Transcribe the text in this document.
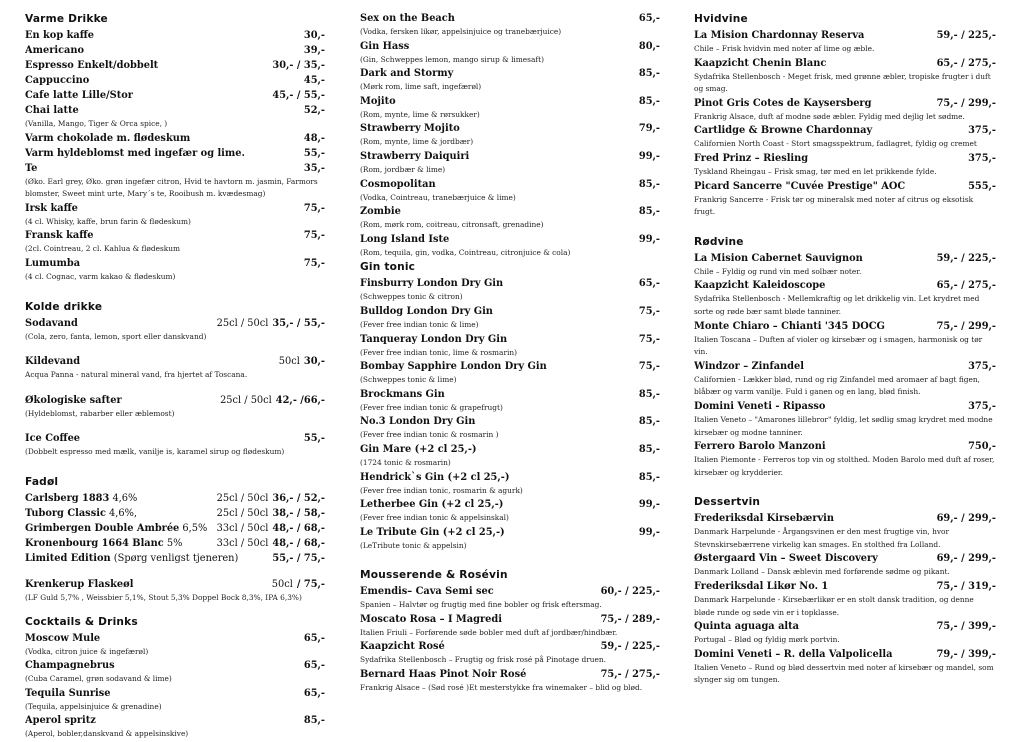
Varme Drikke
En kop kaffe	30,-
Americano	39,-
Espresso Enkelt/dobbelt	30,- / 35,-
Cappuccino	45,-
Cafe latte Lille/Stor	45,- / 55,-
Chai latte	52,-
(Vanilla, Mango, Tiger & Orca spice, )
Varm chokolade m. flødeskum	48,-
Varm hyldeblomst med ingefær og lime.	55,-
Te	35,-
(Øko. Earl grey, Øko. grøn ingefær citron, Hvid te havtorn m. jasmin, Farmors blomster, Sweet mint urte, Mary´s te, Rooibush m. kvædesmag)
Irsk kaffe	75,-
(4 cl. Whisky, kaffe, brun farin & flødeskum)
Fransk kaffe	75,-
(2cl. Cointreau, 2 cl. Kahlua & flødeskum
Lumumba	75,-
(4 cl. Cognac, varm kakao & flødeskum)
Kolde drikke
Sodavand	25cl / 50cl 35,- / 55,-
(Cola, zero, fanta, lemon, sport eller danskvand)
Kildevand	50cl 30,-
Acqua Panna - natural mineral vand, fra hjertet af Toscana.
Økologiske safter	25cl / 50cl 42,- /66,-
(Hyldeblomst, rabarber eller æblemost)
Ice Coffee	55,-
(Dobbelt espresso med mælk, vanilje is, karamel sirup og flødeskum)
Fadøl
Carlsberg 1883 4,6%	25cl / 50cl 36,- / 52,-
Tuborg Classic 4,6%,	25cl / 50cl 38,- / 58,-
Grimbergen Double Ambrée 6,5% 33cl / 50cl 48,- / 68,-
Kronenbourg 1664 Blanc 5%	33cl / 50cl 48,- / 68,-
Limited Edition (Spørg venligst tjeneren)	55,- / 75,-
Krenkerup Flaskeøl	50cl / 75,-
(LF Guld 5,7% , Weissbier 5,1%, Stout 5,3% Doppel Bock 8,3%, IPA 6,3%)
Cocktails & Drinks
Moscow Mule	65,-
(Vodka, citron juice & ingefærøl)
Champagnebrus	65,-
(Cuba Caramel, grøn sodavand & lime)
Tequila Sunrise	65,-
(Tequila, appelsinjuice & grenadine)
Aperol spritz	85,-
(Aperol, bobler,danskvand & appelsinskive)
Sex on the Beach	65,-
(Vodka, fersken likør, appelsinjuice og tranebærjuice)
Gin Hass	80,-
(Gin, Schweppes lemon, mango sirup & limesaft)
Dark and Stormy	85,-
(Mørk rom, lime saft, ingefærøl)
Mojito	85,-
(Rom, mynte, lime & rørsukker)
Strawberry Mojito	79,-
(Rom, mynte, lime & jordbær)
Strawberry Daiquiri	99,-
(Rom, jordbær & lime)
Cosmopolitan	85,-
(Vodka, Cointreau, tranebærjuice & lime)
Zombie	85,-
(Rom, mørk rom, coitreau, citronsaft, grenadine)
Long Island Iste	99,-
(Rom, tequila, gin, vodka, Cointreau, citronjuice & cola)
Gin tonic
Finsburry London Dry Gin	65,-
(Schweppes tonic & citron)
Bulldog London Dry Gin	75,-
(Fever free indian tonic & lime)
Tanqueray London Dry Gin	75,-
(Fever free indian tonic, lime & rosmarin)
Bombay Sapphire London Dry Gin	75,-
(Schweppes tonic & lime)
Brockmans Gin	85,-
(Fever free indian tonic & grapefrugt)
No.3 London Dry Gin	85,-
(Fever free indian tonic & rosmarin )
Gin Mare (+2 cl 25,-)	85,-
(1724 tonic & rosmarin)
Hendrick`s Gin (+2 cl 25,-)	85,-
(Fever free indian tonic, rosmarin & agurk)
Letherbee Gin (+2 cl 25,-)	99,-
(Fever free indian tonic & appelsinskal)
Le Tribute Gin (+2 cl 25,-)	99,-
(LeTribute tonic & appelsin)
Mousserende & Rosévin
Emendis– Cava Semi sec	60,- / 225,-
Spanien – Halvtør og frugtig med fine bobler og frisk eftersmag.
Moscato Rosa – I Magredi	75,- / 289,-
Italien Friuli – Forførende søde bobler med duft af jordbær/hindbær.
Kaapzicht Rosé	59,- / 225,-
Sydafrika Stellenbosch – Frugtig og frisk rosé på Pinotage druen.
Bernard Haas Pinot Noir Rosé	75,- / 275,-
Frankrig Alsace – (Sød rosé )Et mesterstykke fra winemaker – blid og blød.
Hvidvine
La Mision Chardonnay Reserva	59,- / 225,-
Chile – Frisk hvidvin med noter af lime og æble.
Kaapzicht Chenin Blanc	65,- / 275,-
Sydafrika Stellenbosch - Meget frisk, med grønne æbler, tropiske frugter i duft og smag.
Pinot Gris Cotes de Kaysersberg	75,- / 299,-
Frankrig Alsace, duft af modne søde æbler. Fyldig med dejlig let sødme.
Cartlidge & Browne Chardonnay	375,-
Californien North Coast - Stort smagsspektrum, fadlagret, fyldig og cremet
Fred Prinz – Riesling	375,-
Tyskland Rheingau – Frisk smag, tør med en let prikkende fylde.
Picard Sancerre "Cuvée Prestige" AOC	555,-
Frankrig Sancerre - Frisk tør og mineralsk med noter af citrus og eksotisk frugt.
Rødvine
La Mision Cabernet Sauvignon	59,- / 225,-
Chile – Fyldig og rund vin med solbær noter.
Kaapzicht Kaleidoscope	65,- / 275,-
Sydafrika Stellenbosch - Mellemkraftig og let drikkelig vin. Let krydret med sorte og røde bær samt bløde tanniner.
Monte Chiaro – Chianti '345 DOCG	75,- / 299,-
Italien Toscana – Duften af violer og kirsebær og i smagen, harmonisk og tør vin.
Windzor – Zinfandel	375,-
Californien - Lækker blød, rund og rig Zinfandel med aromaer af bagt figen, blåbær og varm vanilje. Fuld i ganen og en lang, blød finish.
Domini Veneti - Ripasso	375,-
Italien Veneto – "Amarones lillebror" fyldig, let sødlig smag krydret med modne kirsebær og modne tanniner.
Ferrero Barolo Manzoni	750,-
Italien Piemonte - Ferreros top vin og stolthed. Moden Barolo med duft af roser, kirsebær og krydderier.
Dessertvin
Frederiksdal Kirsebærvin	69,- / 299,-
Danmark Harpelunde - Årgangsvinen er den mest frugtige vin, hvor Stevnskirsebærrene virkelig kan smages. En stolthed fra Lolland.
Østergaard Vin – Sweet Discovery	69,- / 299,-
Danmark Lolland – Dansk æblevin med forførende sødme og pikant.
Frederiksdal Likør No. 1	75,- / 319,-
Danmark Harpelunde - Kirsebærlikør er en stolt dansk tradition, og denne bløde runde og søde vin er i topklasse.
Quinta aguaga alta	75,- / 399,-
Portugal – Blød og fyldig mørk portvin.
Domini Veneti – R. della Valpolicella	79,- / 399,-
Italien Veneto – Rund og blød dessertvin med noter af kirsebær og mandel, som slynger sig om tungen.
